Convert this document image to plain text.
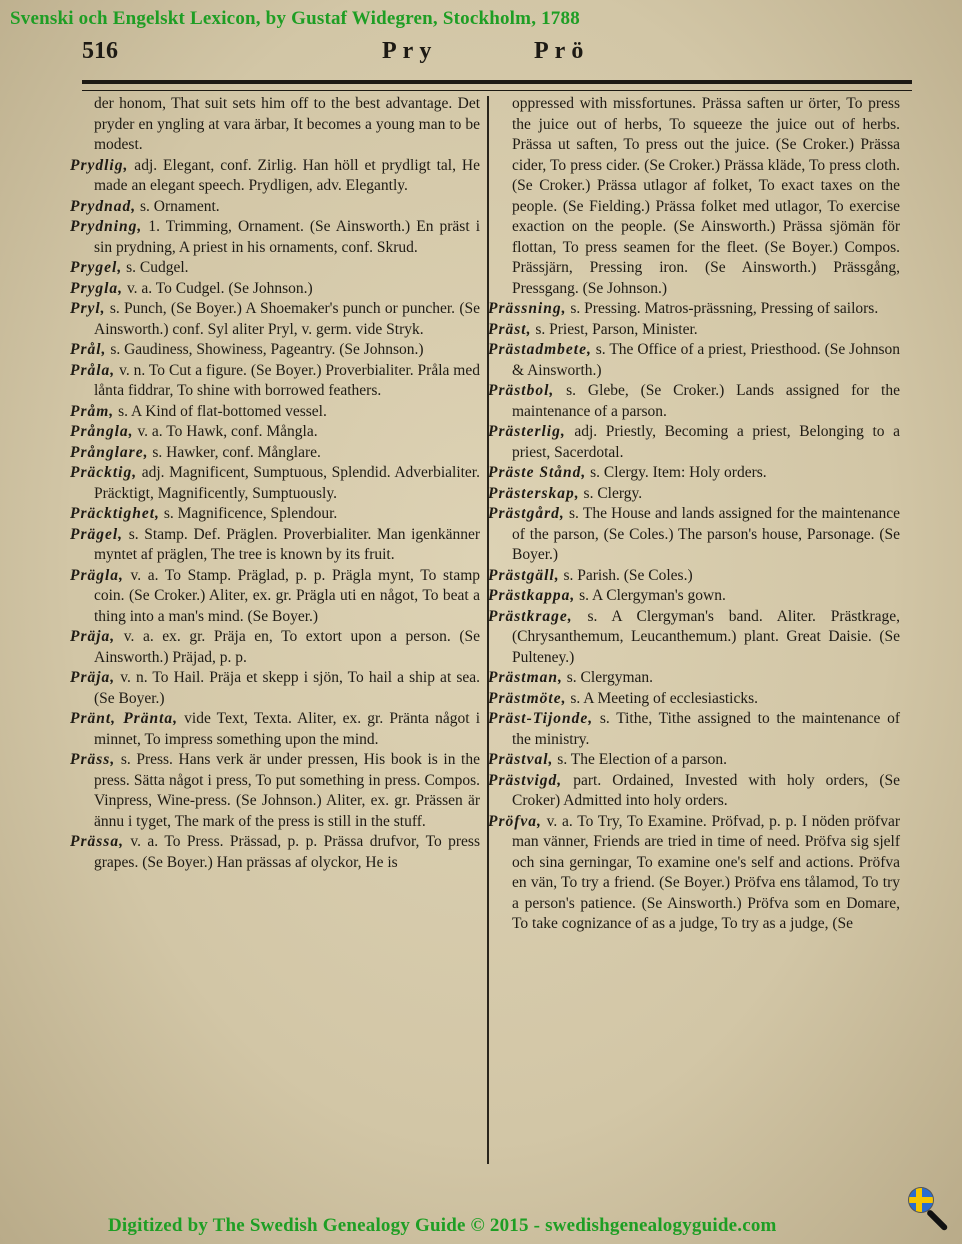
Svenski och Engelskt Lexicon, by Gustaf Widegren, Stockholm, 1788
516	Pry	Prö

der honom, That suit sets him off to the best advantage. Det pryder en yngling at vara ärbar, It becomes a young man to be modest.

Prydlig, adj. Elegant, conf. Zirlig. Han höll et prydligt tal, He made an elegant speech. Prydligen, adv. Elegantly.

Prydnad, s. Ornament.

Prydning, 1. Trimming, Ornament. (Se Ainsworth.) En präst i sin prydning, A priest in his ornaments, conf. Skrud.

Prygel, s. Cudgel.

Prygla, v. a. To Cudgel. (Se Johnson.)

Pryl, s. Punch, (Se Boyer.) A Shoemaker's punch or puncher. (Se Ainsworth.) conf. Syl aliter Pryl, v. germ. vide Stryk.

Prål, s. Gaudiness, Showiness, Pageantry. (Se Johnson.)

Pråla, v. n. To Cut a figure. (Se Boyer.) Proverbialiter. Pråla med lånta fiddrar, To shine with borrowed feathers.

Pråm, s. A Kind of flat-bottomed vessel.

Prångla, v. a. To Hawk, conf. Mångla.

Prånglare, s. Hawker, conf. Månglare.

Präcktig, adj. Magnificent, Sumptuous, Splendid. Adverbialiter. Präcktigt, Magnificently, Sumptuously.

Präcktighet, s. Magnificence, Splendour.

Prägel, s. Stamp. Def. Präglen. Proverbialiter. Man igenkänner myntet af präglen, The tree is known by its fruit.

Prägla, v. a. To Stamp. Präglad, p. p. Prägla mynt, To stamp coin. (Se Croker.) Aliter, ex. gr. Prägla uti en något, To beat a thing into a man's mind. (Se Boyer.)

Präja, v. a. ex. gr. Präja en, To extort upon a person. (Se Ainsworth.) Präjad, p. p.

Präja, v. n. To Hail. Präja et skepp i sjön, To hail a ship at sea. (Se Boyer.)

Pränt, Präntа, vide Text, Texta. Aliter, ex. gr. Präntа något i minnet, To impress something upon the mind.

Präss, s. Press. Hans verk är under pressen, His book is in the press. Sätta något i press, To put something in press. Compos. Vinpress, Wine-press. (Se Johnson.) Aliter, ex. gr. Prässen är ännu i tyget, The mark of the press is still in the stuff.

Prässa, v. a. To Press. Prässad, p. p. Prässa drufvor, To press grapes. (Se Boyer.) Han prässas af olyckor, He is

oppressed with missfortunes. Prässa saften ur örter, To press the juice out of herbs, To squeeze the juice out of herbs. Prässa ut saften, To press out the juice. (Se Croker.) Prässa cider, To press cider. (Se Croker.) Prässa kläde, To press cloth. (Se Croker.) Prässa utlagor af folket, To exact taxes on the people. (Se Fielding.) Prässa folket med utlagor, To exercise exaction on the people. (Se Ainsworth.) Prässa sjömän för flottan, To press seamen for the fleet. (Se Boyer.) Compos. Prässjärn, Pressing iron. (Se Ainsworth.) Prässgång, Pressgang. (Se Johnson.)

Prässning, s. Pressing. Matros-prässning, Pressing of sailors.

Präst, s. Priest, Parson, Minister.

Prästadmbete, s. The Office of a priest, Priesthood. (Se Johnson & Ainsworth.)

Prästbol, s. Glebe, (Se Croker.) Lands assigned for the maintenance of a parson.

Prästerlig, adj. Priestly, Becoming a priest, Belonging to a priest, Sacerdotal.

Präste Stånd, s. Clergy. Item: Holy orders.

Prästerskap, s. Clergy.

Prästgård, s. The House and lands assigned for the maintenance of the parson, (Se Coles.) The parson's house, Parsonage. (Se Boyer.)

Prästgäll, s. Parish. (Se Coles.)

Prästkappa, s. A Clergyman's gown.

Prästkrage, s. A Clergyman's band. Aliter. Prästkrage, (Chrysanthemum, Leucanthemum.) plant. Great Daisie. (Se Pulteney.)

Prästman, s. Clergyman.

Prästmöte, s. A Meeting of ecclesiasticks.

Präst-Tijonde, s. Tithe, Tithe assigned to the maintenance of the ministry.

Prästval, s. The Election of a parson.

Prästvigd, part. Ordained, Invested with holy orders, (Se Croker) Admitted into holy orders.

Pröfva, v. a. To Try, To Examine. Pröfvad, p. p. I nöden pröfvar man vänner, Friends are tried in time of need. Pröfva sig sjelf och sina gerningar, To examine one's self and actions. Pröfva en vän, To try a friend. (Se Boyer.) Pröfva ens tålamod, To try a person's patience. (Se Ainsworth.) Pröfva som en Domare, To take cognizance of as a judge, To try as a judge, (Se

Digitized by The Swedish Genealogy Guide © 2015 - swedishgenealogyguide.com
